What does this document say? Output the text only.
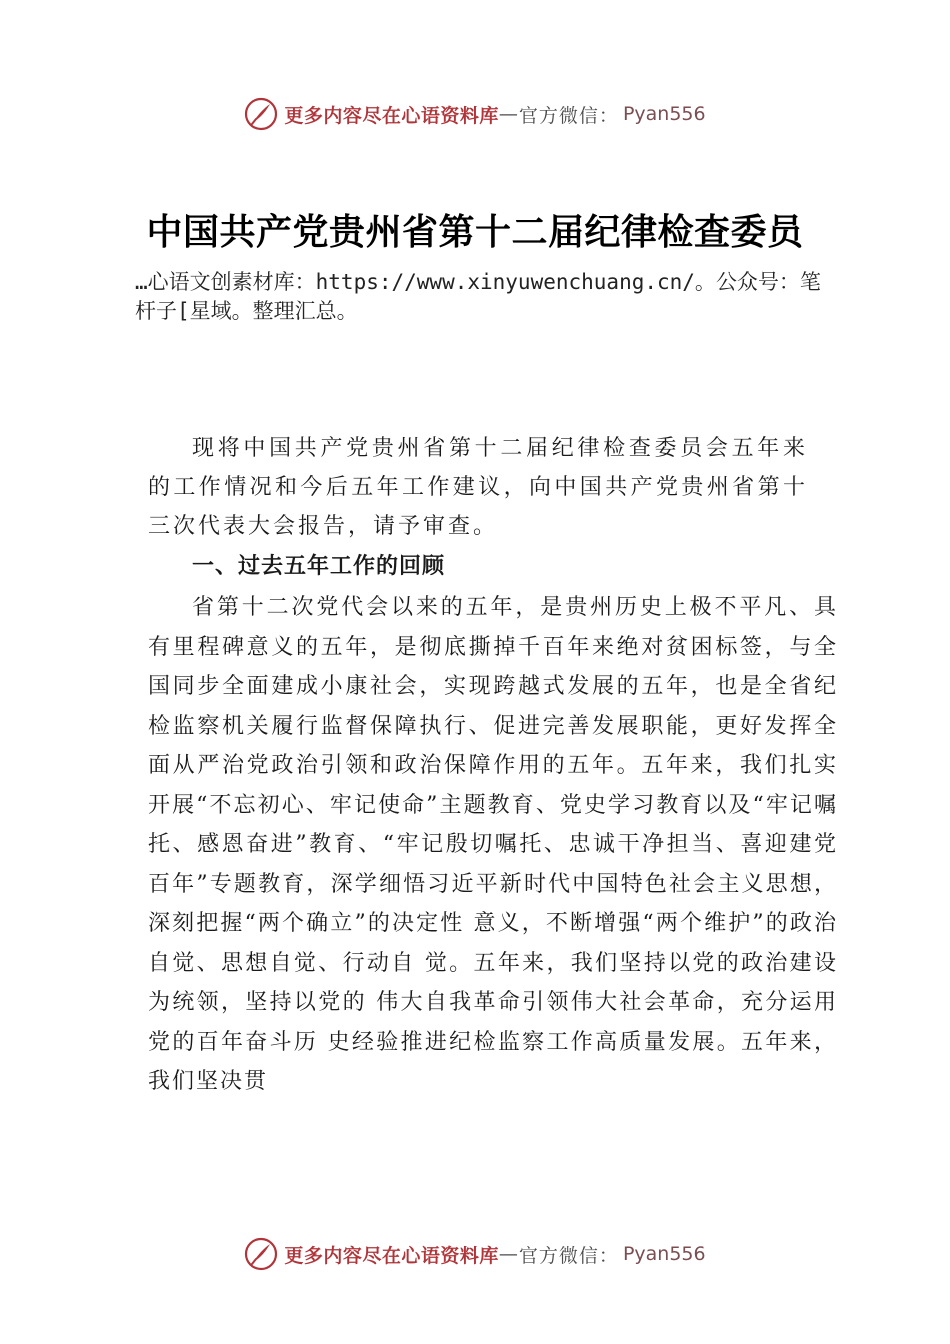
更多内容尽在心语资料库 — 官方微信： Pyan556
中国共产党贵州省第十二届纪律检查委员
…心语文创素材库：https://www.xinyuwenchuang.cn/。公众号：笔杆子[星域。整理汇总。

现将中国共产党贵州省第十二届纪律检查委员会五年来的工作情况和今后五年工作建议，向中国共产党贵州省第十三次代表大会报告，请予审查。

一、过去五年工作的回顾

省第十二次党代会以来的五年，是贵州历史上极不平凡、具有里程碑意义的五年，是彻底撕掉千百年来绝对贫困标签，与全国同步全面建成小康社会，实现跨越式发展的五年，也是全省纪检监察机关履行监督保障执行、促进完善发展职能，更好发挥全面从严治党政治引领和政治保障作用的五年。五年来，我们扎实开展“不忘初心、牢记使命”主题教育、党史学习教育以及“牢记嘱托、感恩奋进”教育、“牢记殷切嘱托、忠诚干净担当、喜迎建党百年”专题教育，深学细悟习近平新时代中国特色社会主义思想，深刻把握“两个确立”的决定性 意义，不断增强“两个维护”的政治自觉、思想自觉、行动自 觉。五年来，我们坚持以党的政治建设为统领，坚持以党的 伟大自我革命引领伟大社会革命，充分运用党的百年奋斗历 史经验推进纪检监察工作高质量发展。五年来，我们坚决贯

更多内容尽在心语资料库 — 官方微信： Pyan556
